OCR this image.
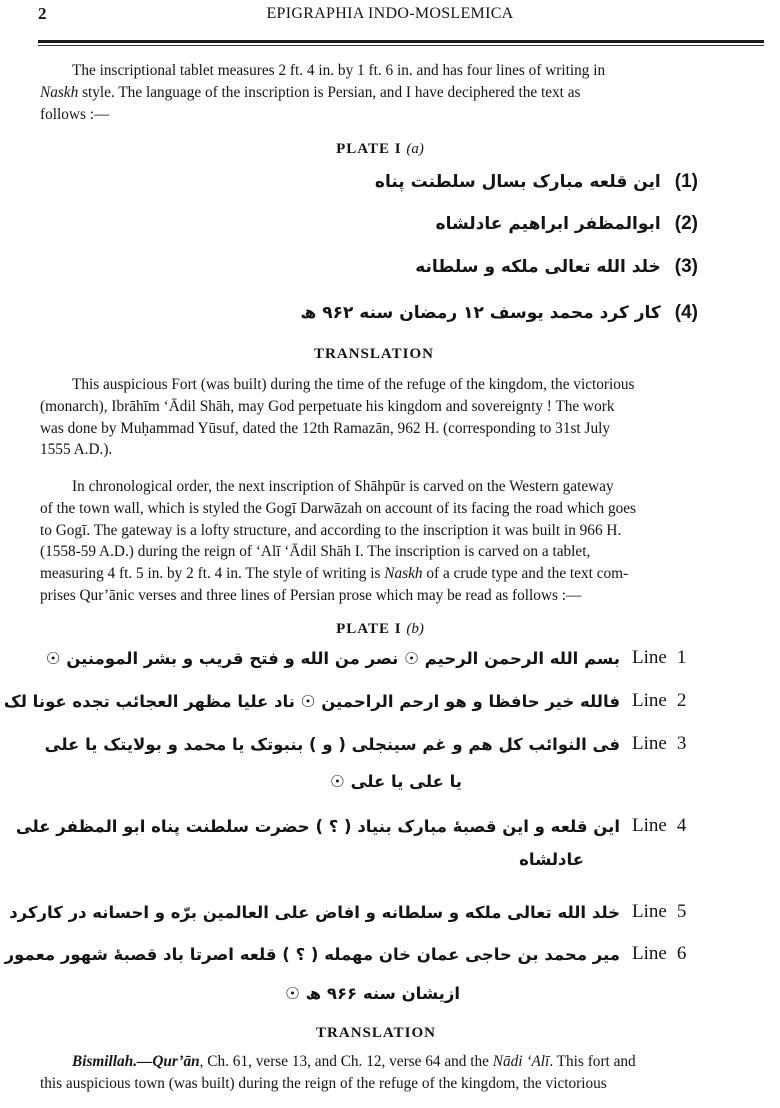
2	EPIGRAPHIA INDO-MOSLEMICA

The inscriptional tablet measures 2 ft. 4 in. by 1 ft. 6 in. and has four lines of writing in

Naskh style. The language of the inscription is Persian, and I have deciphered the text as

follows :—

PLATE I (a)
(1)
این قلعه مبارک بسال سلطنت پناه
(2)
ابوالمظفر ابراهیم عادلشاه
(3)
خلد الله تعالی ملکه و سلطانه
(4)
کار کرد محمد یوسف ۱۲ رمضان سنه ۹۶۲ ھ
TRANSLATION

This auspicious Fort (was built) during the time of the refuge of the kingdom, the victorious

(monarch), Ibrāhīm ‘Ādil Shāh, may God perpetuate his kingdom and sovereignty ! The work

was done by Muḥammad Yūsuf, dated the 12th Ramazān, 962 H. (corresponding to 31st July

1555 A.D.).

In chronological order, the next inscription of Shāhpūr is carved on the Western gateway

of the town wall, which is styled the Gogī Darwāzah on account of its facing the road which goes

to Gogī. The gateway is a lofty structure, and according to the inscription it was built in 966 H.

(1558-59 A.D.) during the reign of ‘Alī ‘Ādil Shāh I. The inscription is carved on a tablet,

measuring 4 ft. 5 in. by 2 ft. 4 in. The style of writing is Naskh of a crude type and the text com-

prises Qur’ānic verses and three lines of Persian prose which may be read as follows :—

PLATE I (b)
Line 1
بسم الله الرحمن الرحیم ☉ نصر من الله و فتح قریب و بشر المومنین ☉
Line 2
فالله خیر حافظا و هو ارحم الراحمین ☉ ناد علیا مظهر العجائب تجده عونا لک
Line 3
فی النوائب کل هم و غم سینجلی ( و ) بنبوتک یا محمد و بولایتک یا علی
یا علی یا علی ☉
Line 4
این قلعه و این قصبهٔ مبارک بنیاد ( ؟ ) حضرت سلطنت پناه ابو المظفر علی
عادلشاه
Line 5
خلد الله تعالی ملکه و سلطانه و افاض علی العالمین برّه و احسانه در کارکرد
Line 6
میر محمد بن حاجی عمان خان مهمله ( ؟ ) قلعه اصرتا باد قصبهٔ شهور معمور
ازیشان سنه ۹۶۶ ھ ☉
TRANSLATION

Bismillah.—Qur’ān, Ch. 61, verse 13, and Ch. 12, verse 64 and the Nādi ‘Alī. This fort and

this auspicious town (was built) during the reign of the refuge of the kingdom, the victorious
